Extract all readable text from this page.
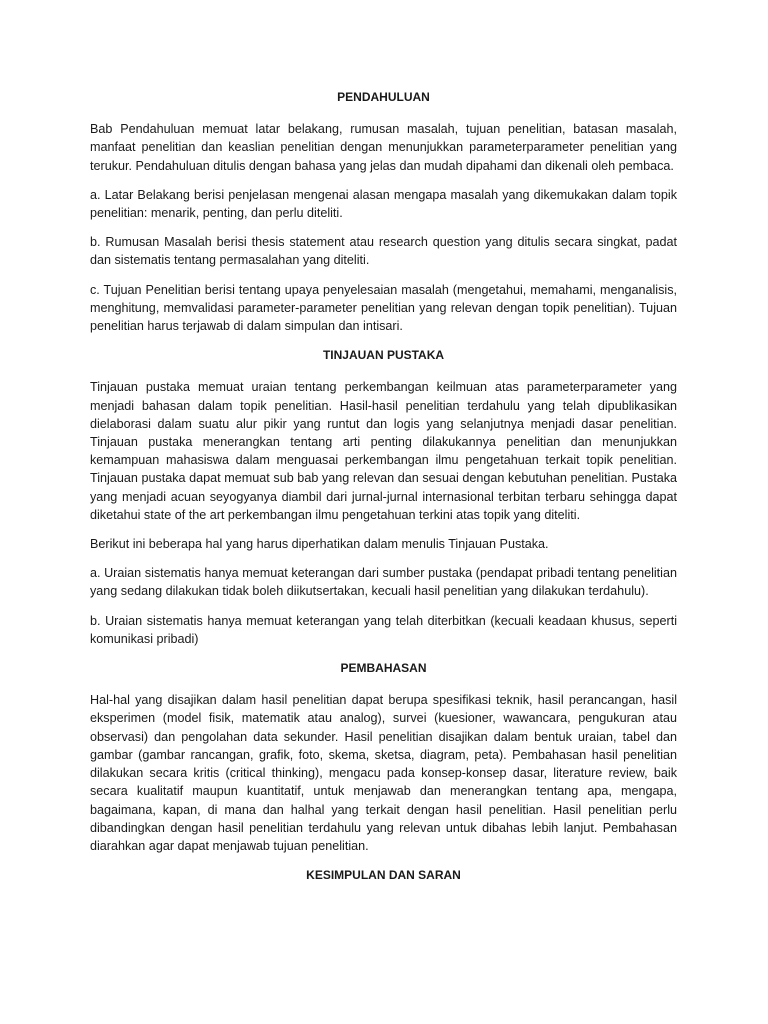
PENDAHULUAN

Bab Pendahuluan memuat latar belakang, rumusan masalah, tujuan penelitian, batasan masalah, manfaat penelitian dan keaslian penelitian dengan menunjukkan parameterparameter penelitian yang terukur. Pendahuluan ditulis dengan bahasa yang jelas dan mudah dipahami dan dikenali oleh pembaca.

a. Latar Belakang berisi penjelasan mengenai alasan mengapa masalah yang dikemukakan dalam topik penelitian: menarik, penting, dan perlu diteliti.

b. Rumusan Masalah berisi thesis statement atau research question yang ditulis secara singkat, padat dan sistematis tentang permasalahan yang diteliti.

c. Tujuan Penelitian berisi tentang upaya penyelesaian masalah (mengetahui, memahami, menganalisis, menghitung, memvalidasi parameter-parameter penelitian yang relevan dengan topik penelitian). Tujuan penelitian harus terjawab di dalam simpulan dan intisari.

TINJAUAN PUSTAKA

Tinjauan pustaka memuat uraian tentang perkembangan keilmuan atas parameterparameter yang menjadi bahasan dalam topik penelitian. Hasil-hasil penelitian terdahulu yang telah dipublikasikan dielaborasi dalam suatu alur pikir yang runtut dan logis yang selanjutnya menjadi dasar penelitian. Tinjauan pustaka menerangkan tentang arti penting dilakukannya penelitian dan menunjukkan kemampuan mahasiswa dalam menguasai perkembangan ilmu pengetahuan terkait topik penelitian. Tinjauan pustaka dapat memuat sub bab yang relevan dan sesuai dengan kebutuhan penelitian. Pustaka yang menjadi acuan seyogyanya diambil dari jurnal-jurnal internasional terbitan terbaru sehingga dapat diketahui state of the art perkembangan ilmu pengetahuan terkini atas topik yang diteliti.

Berikut ini beberapa hal yang harus diperhatikan dalam menulis Tinjauan Pustaka.

a. Uraian sistematis hanya memuat keterangan dari sumber pustaka (pendapat pribadi tentang penelitian yang sedang dilakukan tidak boleh diikutsertakan, kecuali hasil penelitian yang dilakukan terdahulu).

b. Uraian sistematis hanya memuat keterangan yang telah diterbitkan (kecuali keadaan khusus, seperti komunikasi pribadi)

PEMBAHASAN

Hal-hal yang disajikan dalam hasil penelitian dapat berupa spesifikasi teknik, hasil perancangan, hasil eksperimen (model fisik, matematik atau analog), survei (kuesioner, wawancara, pengukuran atau observasi) dan pengolahan data sekunder. Hasil penelitian disajikan dalam bentuk uraian, tabel dan gambar (gambar rancangan, grafik, foto, skema, sketsa, diagram, peta). Pembahasan hasil penelitian dilakukan secara kritis (critical thinking), mengacu pada konsep-konsep dasar, literature review, baik secara kualitatif maupun kuantitatif, untuk menjawab dan menerangkan tentang apa, mengapa, bagaimana, kapan, di mana dan halhal yang terkait dengan hasil penelitian. Hasil penelitian perlu dibandingkan dengan hasil penelitian terdahulu yang relevan untuk dibahas lebih lanjut. Pembahasan diarahkan agar dapat menjawab tujuan penelitian.

KESIMPULAN DAN SARAN
